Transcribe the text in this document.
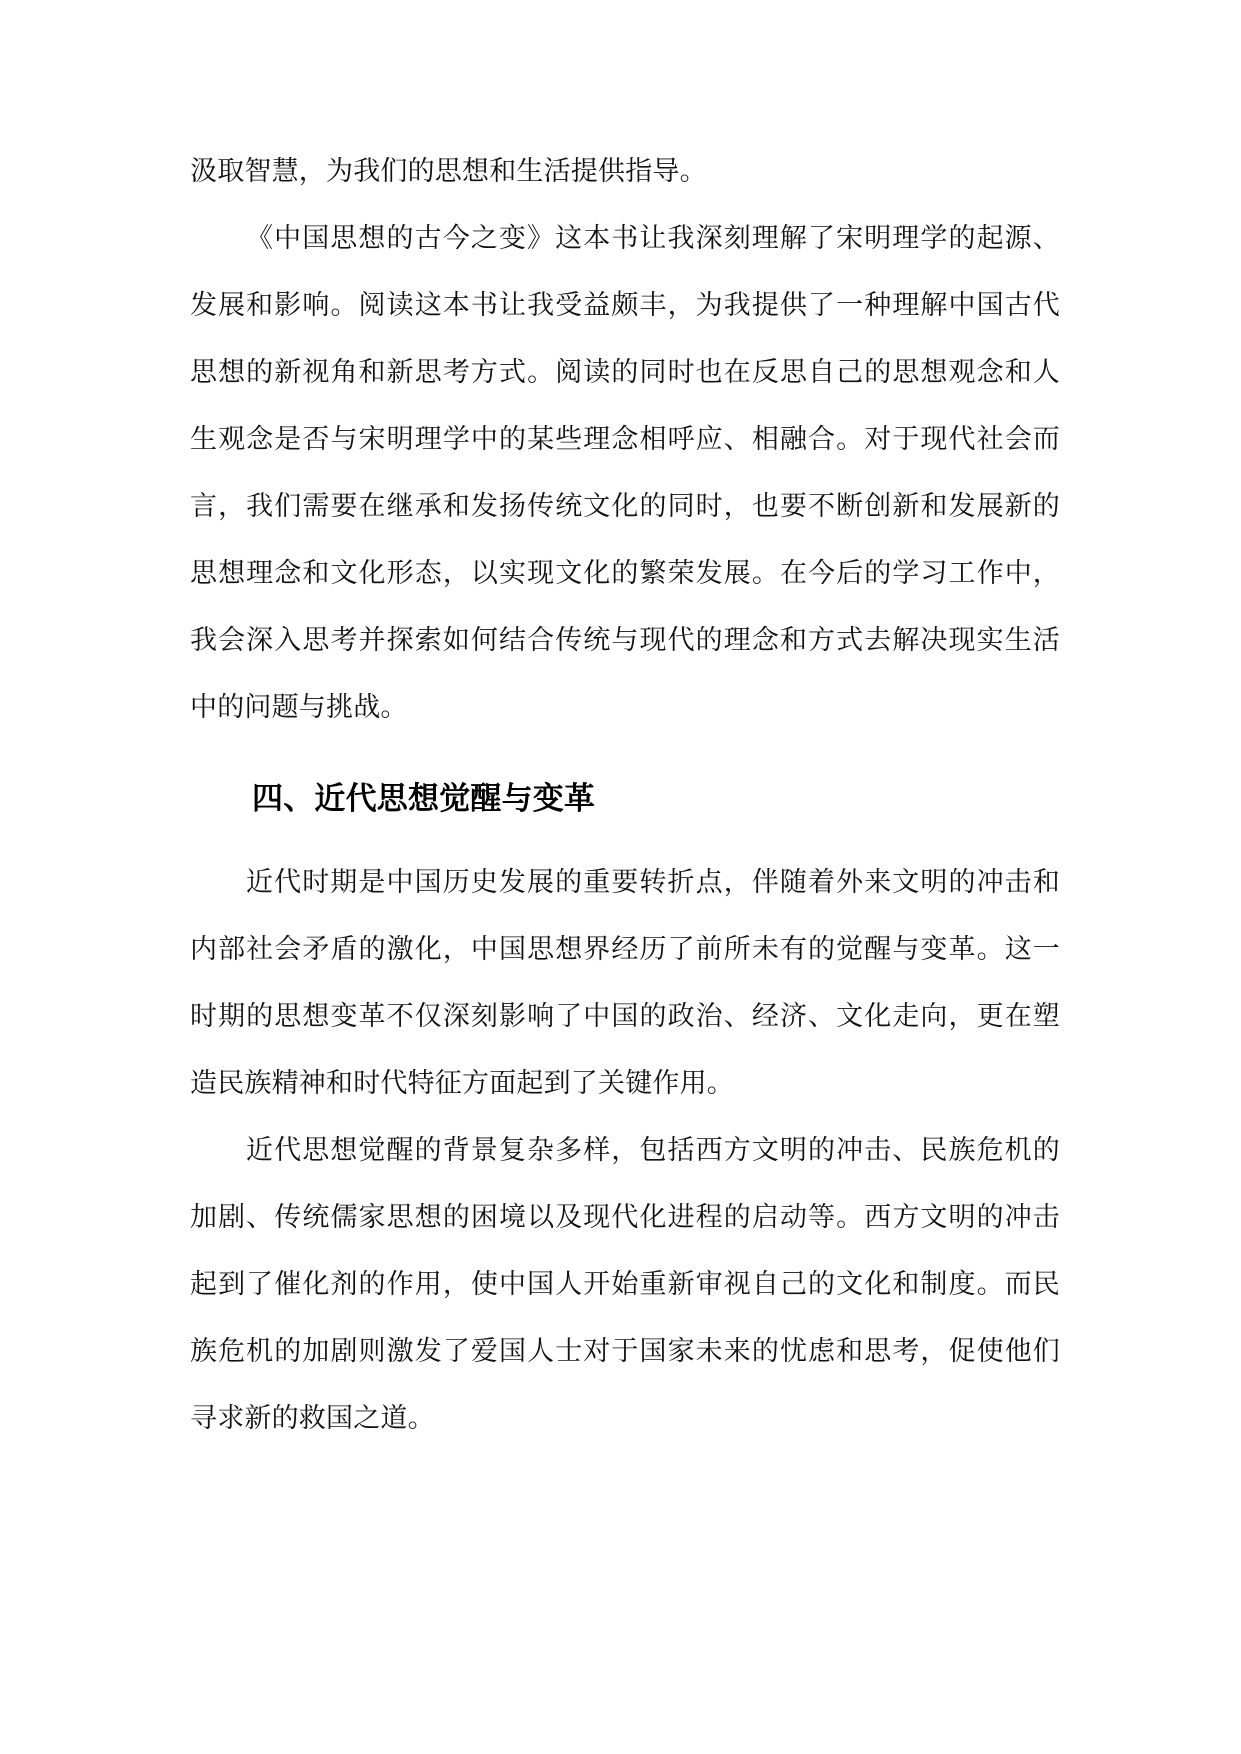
汲取智慧，为我们的思想和生活提供指导。

《中国思想的古今之变》这本书让我深刻理解了宋明理学的起源、发展和影响。阅读这本书让我受益颇丰，为我提供了一种理解中国古代思想的新视角和新思考方式。阅读的同时也在反思自己的思想观念和人生观念是否与宋明理学中的某些理念相呼应、相融合。对于现代社会而言，我们需要在继承和发扬传统文化的同时，也要不断创新和发展新的思想理念和文化形态，以实现文化的繁荣发展。在今后的学习工作中，我会深入思考并探索如何结合传统与现代的理念和方式去解决现实生活中的问题与挑战。

四、近代思想觉醒与变革

近代时期是中国历史发展的重要转折点，伴随着外来文明的冲击和内部社会矛盾的激化，中国思想界经历了前所未有的觉醒与变革。这一时期的思想变革不仅深刻影响了中国的政治、经济、文化走向，更在塑造民族精神和时代特征方面起到了关键作用。

近代思想觉醒的背景复杂多样，包括西方文明的冲击、民族危机的加剧、传统儒家思想的困境以及现代化进程的启动等。西方文明的冲击起到了催化剂的作用，使中国人开始重新审视自己的文化和制度。而民族危机的加剧则激发了爱国人士对于国家未来的忧虑和思考，促使他们寻求新的救国之道。
